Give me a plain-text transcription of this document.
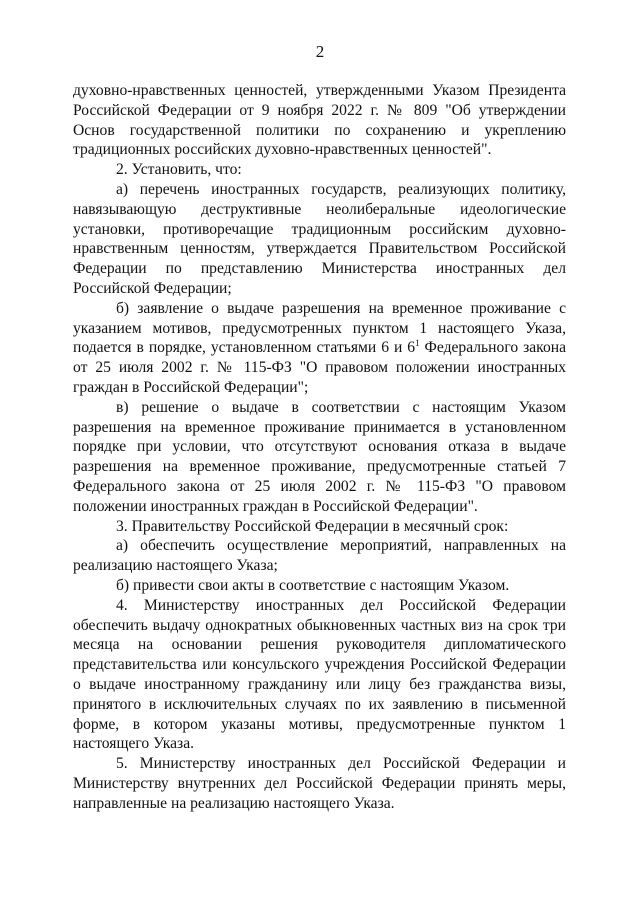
2

духовно-нравственных ценностей, утвержденными Указом Президента Российской Федерации от 9 ноября 2022 г. № 809 "Об утверждении Основ государственной политики по сохранению и укреплению традиционных российских духовно-нравственных ценностей".

2. Установить, что:

а) перечень иностранных государств, реализующих политику, навязывающую деструктивные неолиберальные идеологические установки, противоречащие традиционным российским духовно-нравственным ценностям, утверждается Правительством Российской Федерации по представлению Министерства иностранных дел Российской Федерации;

б) заявление о выдаче разрешения на временное проживание с указанием мотивов, предусмотренных пунктом 1 настоящего Указа, подается в порядке, установленном статьями 6 и $6^1$ Федерального закона от 25 июля 2002 г. № 115-ФЗ "О правовом положении иностранных граждан в Российской Федерации";

в) решение о выдаче в соответствии с настоящим Указом разрешения на временное проживание принимается в установленном порядке при условии, что отсутствуют основания отказа в выдаче разрешения на временное проживание, предусмотренные статьей 7 Федерального закона от 25 июля 2002 г. № 115-ФЗ "О правовом положении иностранных граждан в Российской Федерации".

3. Правительству Российской Федерации в месячный срок:

а) обеспечить осуществление мероприятий, направленных на реализацию настоящего Указа;

б) привести свои акты в соответствие с настоящим Указом.

4. Министерству иностранных дел Российской Федерации обеспечить выдачу однократных обыкновенных частных виз на срок три месяца на основании решения руководителя дипломатического представительства или консульского учреждения Российской Федерации о выдаче иностранному гражданину или лицу без гражданства визы, принятого в исключительных случаях по их заявлению в письменной форме, в котором указаны мотивы, предусмотренные пунктом 1 настоящего Указа.

5. Министерству иностранных дел Российской Федерации и Министерству внутренних дел Российской Федерации принять меры, направленные на реализацию настоящего Указа.
